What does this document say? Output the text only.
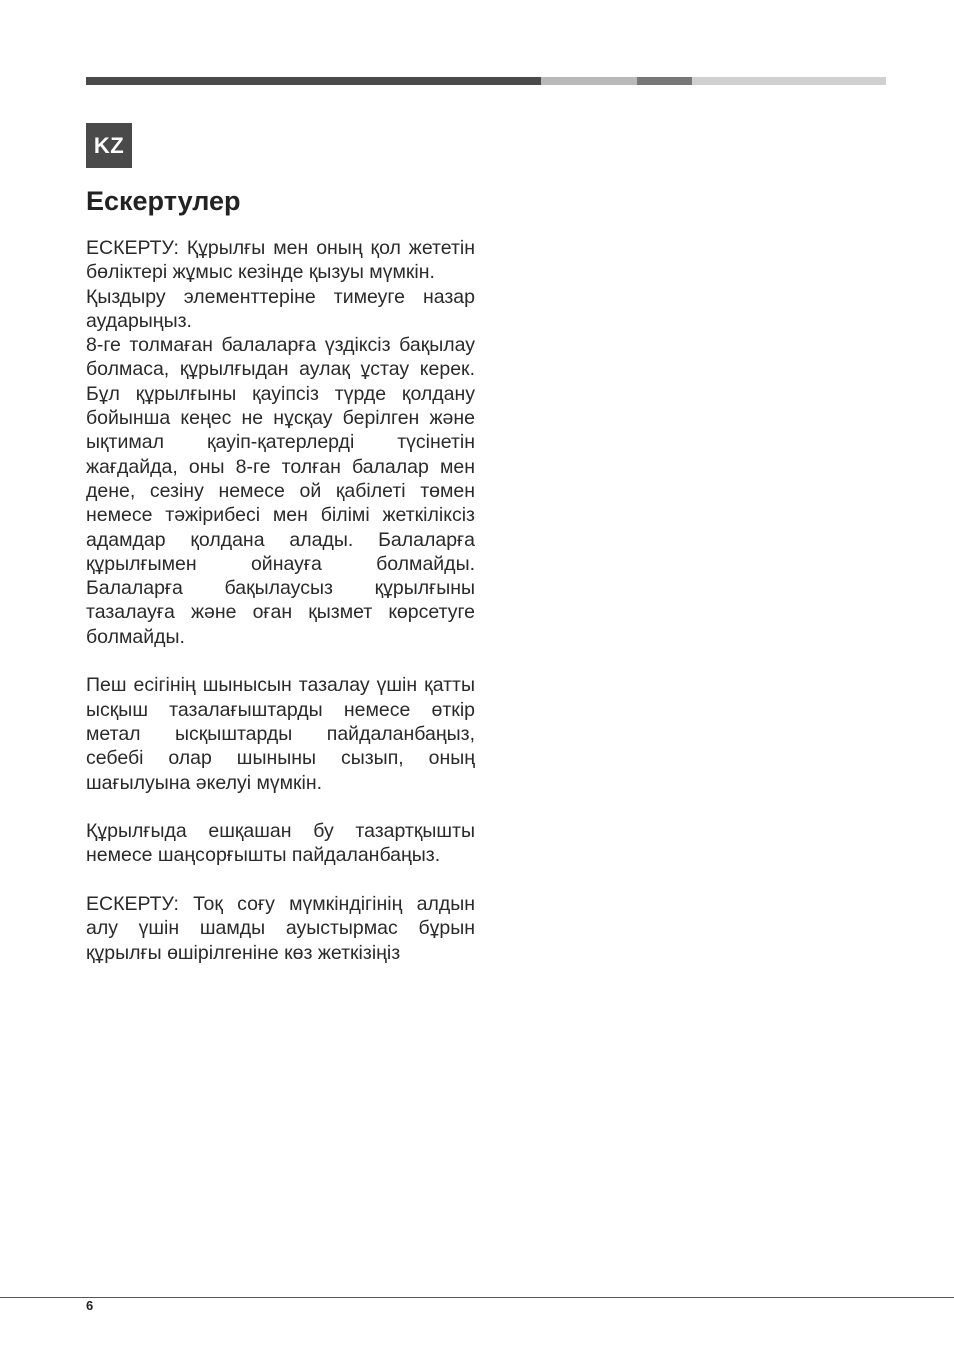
KZ
Ескертулер

ЕСКЕРТУ: Құрылғы мен оның қол жететін бөліктері жұмыс кезінде қызуы мүмкін.

Қыздыру элементтеріне тимеуге назар аударыңыз.

8-ге толмаған балаларға үздіксіз бақылау болмаса, құрылғыдан аулақ ұстау керек. Бұл құрылғыны қауіпсіз түрде қолдану бойынша кеңес не нұсқау берілген және ықтимал қауіп-қатерлерді түсінетін жағдайда, оны 8-ге толған балалар мен дене, сезіну немесе ой қабілеті төмен немесе тәжірибесі мен білімі жеткіліксіз адамдар қолдана алады. Балаларға құрылғымен ойнауға болмайды. Балаларға бақылаусыз құрылғыны тазалауға және оған қызмет көрсетуге болмайды.

Пеш есігінің шынысын тазалау үшін қатты ысқыш тазалағыштарды немесе өткір метал ысқыштарды пайдаланбаңыз, себебі олар шыныны сызып, оның шағылуына әкелуі мүмкін.

Құрылғыда ешқашан бу тазартқышты немесе шаңсорғышты пайдаланбаңыз.

ЕСКЕРТУ: Тоқ соғу мүмкіндігінің алдын алу үшін шамды ауыстырмас бұрын құрылғы өшірілгеніне көз жеткізіңіз

6
